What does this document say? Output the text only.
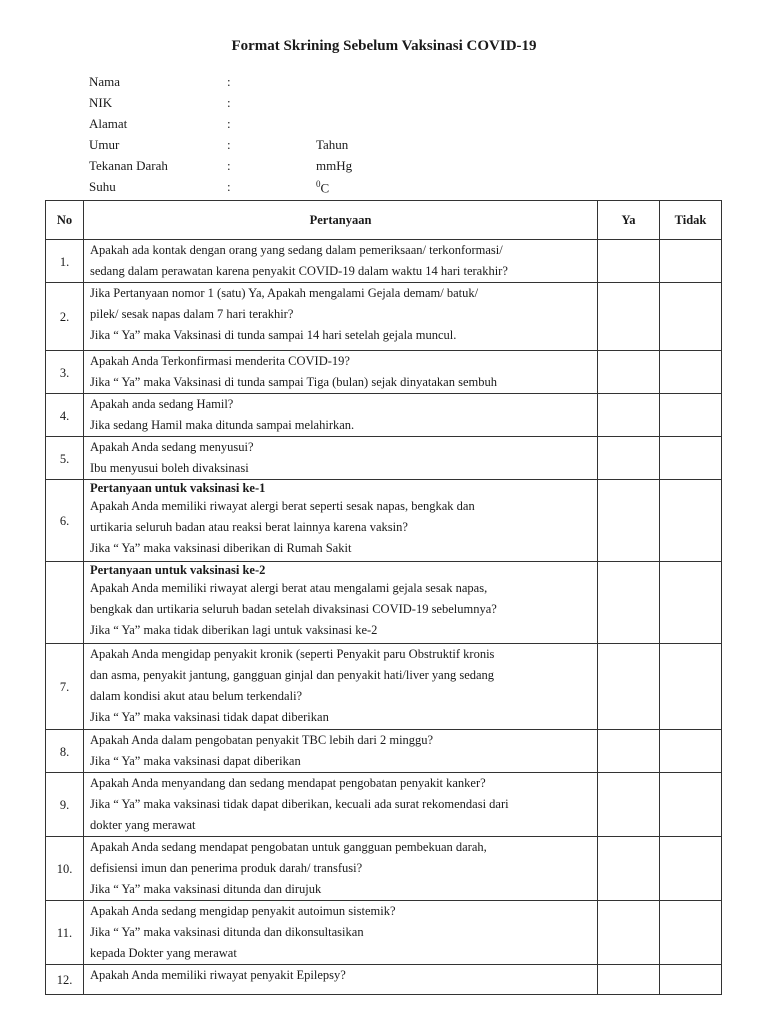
Format Skrining Sebelum Vaksinasi COVID-19
Nama	:
NIK	:
Alamat	:
Umur	:	Tahun
Tekanan Darah	:	mmHg
Suhu	:	$^0$C
No	Pertanyaan	Ya	Tidak
1.	Apakah ada kontak dengan orang yang sedang dalam pemeriksaan/ terkonformasi/
sedang dalam perawatan karena penyakit COVID-19 dalam waktu 14 hari terakhir?		

2.	Jika Pertanyaan nomor 1 (satu) Ya, Apakah mengalami Gejala demam/ batuk/
pilek/ sesak napas dalam 7 hari terakhir?
Jika “ Ya” maka Vaksinasi di tunda sampai 14 hari setelah gejala muncul.		

3.	Apakah Anda Terkonfirmasi menderita COVID-19?
Jika “ Ya” maka Vaksinasi di tunda sampai Tiga (bulan) sejak dinyatakan sembuh		

4.	Apakah anda sedang Hamil?
Jika sedang Hamil maka ditunda sampai melahirkan.		

5.	Apakah Anda sedang menyusui?
Ibu menyusui boleh divaksinasi		

6.	Pertanyaan untuk vaksinasi ke-1
Apakah Anda memiliki riwayat alergi berat seperti sesak napas, bengkak dan
urtikaria seluruh badan atau reaksi berat lainnya karena vaksin?
Jika “ Ya” maka vaksinasi diberikan di Rumah Sakit		

	Pertanyaan untuk vaksinasi ke-2
Apakah Anda memiliki riwayat alergi berat atau mengalami gejala sesak napas,
bengkak dan urtikaria seluruh badan setelah divaksinasi COVID-19 sebelumnya?
Jika “ Ya” maka tidak diberikan lagi untuk vaksinasi ke-2		

7.	Apakah Anda mengidap penyakit kronik (seperti Penyakit paru Obstruktif kronis
dan asma, penyakit jantung, gangguan ginjal dan penyakit hati/liver yang sedang
dalam kondisi akut atau belum terkendali?
Jika “ Ya” maka vaksinasi tidak dapat diberikan		

8.	Apakah Anda dalam pengobatan penyakit TBC lebih dari 2 minggu?
Jika “ Ya” maka vaksinasi dapat diberikan		

9.	Apakah Anda menyandang dan sedang mendapat pengobatan penyakit kanker?
Jika “ Ya” maka vaksinasi tidak dapat diberikan, kecuali ada surat rekomendasi dari
dokter yang merawat		

10.	Apakah Anda sedang mendapat pengobatan untuk gangguan pembekuan darah,
defisiensi imun dan penerima produk darah/ transfusi?
Jika “ Ya” maka vaksinasi ditunda dan dirujuk		

11.	Apakah Anda sedang mengidap penyakit autoimun sistemik?
Jika “ Ya” maka vaksinasi ditunda dan dikonsultasikan
kepada Dokter yang merawat		

12.	Apakah Anda memiliki riwayat penyakit Epilepsy?		
